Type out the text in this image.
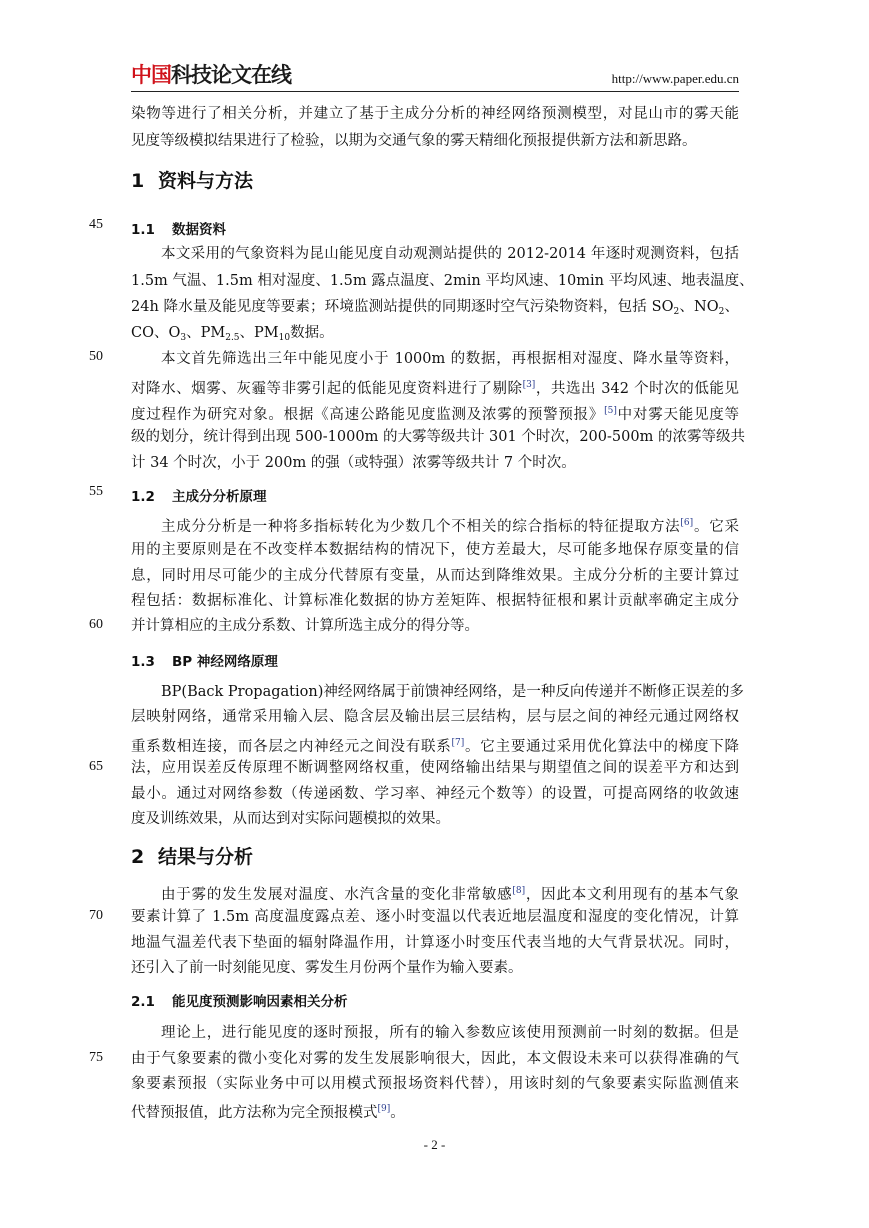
中国科技论文在线	http://www.paper.edu.cn
染物等进行了相关分析，并建立了基于主成分分析的神经网络预测模型，对昆山市的雾天能
见度等级模拟结果进行了检验，以期为交通气象的雾天精细化预报提供新方法和新思路。
1 资料与方法
45 1.1 数据资料
本文采用的气象资料为昆山能见度自动观测站提供的 2012-2014 年逐时观测资料，包括
1.5m 气温、1.5m 相对湿度、1.5m 露点温度、2min 平均风速、10min 平均风速、地表温度、
24h 降水量及能见度等要素；环境监测站提供的同期逐时空气污染物资料，包括 $SO_2$、$NO_2$、
CO、$O_3$、$PM_{2.5}$、$PM_{10}$数据。
50	本文首先筛选出三年中能见度小于 1000m 的数据，再根据相对湿度、降水量等资料，
对降水、烟雾、灰霾等非雾引起的低能见度资料进行了剔除[3]，共选出 342 个时次的低能见
度过程作为研究对象。根据《高速公路能见度监测及浓雾的预警预报》[5]中对雾天能见度等
级的划分，统计得到出现 500-1000m 的大雾等级共计 301 个时次，200-500m 的浓雾等级共
计 34 个时次，小于 200m 的强（或特强）浓雾等级共计 7 个时次。
55 1.2 主成分分析原理
主成分分析是一种将多指标转化为少数几个不相关的综合指标的特征提取方法[6]。它采
用的主要原则是在不改变样本数据结构的情况下，使方差最大，尽可能多地保存原变量的信
息，同时用尽可能少的主成分代替原有变量，从而达到降维效果。主成分分析的主要计算过
程包括：数据标准化、计算标准化数据的协方差矩阵、根据特征根和累计贡献率确定主成分
60 并计算相应的主成分系数、计算所选主成分的得分等。
1.3 BP 神经网络原理
BP(Back Propagation)神经网络属于前馈神经网络，是一种反向传递并不断修正误差的多
层映射网络，通常采用输入层、隐含层及输出层三层结构，层与层之间的神经元通过网络权
重系数相连接，而各层之内神经元之间没有联系[7]。它主要通过采用优化算法中的梯度下降
65 法，应用误差反传原理不断调整网络权重，使网络输出结果与期望值之间的误差平方和达到
最小。通过对网络参数（传递函数、学习率、神经元个数等）的设置，可提高网络的收敛速
度及训练效果，从而达到对实际问题模拟的效果。
2 结果与分析
由于雾的发生发展对温度、水汽含量的变化非常敏感[8]，因此本文利用现有的基本气象
70 要素计算了 1.5m 高度温度露点差、逐小时变温以代表近地层温度和湿度的变化情况，计算
地温气温差代表下垫面的辐射降温作用，计算逐小时变压代表当地的大气背景状况。同时，
还引入了前一时刻能见度、雾发生月份两个量作为输入要素。
2.1 能见度预测影响因素相关分析
理论上，进行能见度的逐时预报，所有的输入参数应该使用预测前一时刻的数据。但是
75 由于气象要素的微小变化对雾的发生发展影响很大，因此，本文假设未来可以获得准确的气
象要素预报（实际业务中可以用模式预报场资料代替），用该时刻的气象要素实际监测值来
代替预报值，此方法称为完全预报模式[9]。
- 2 -
